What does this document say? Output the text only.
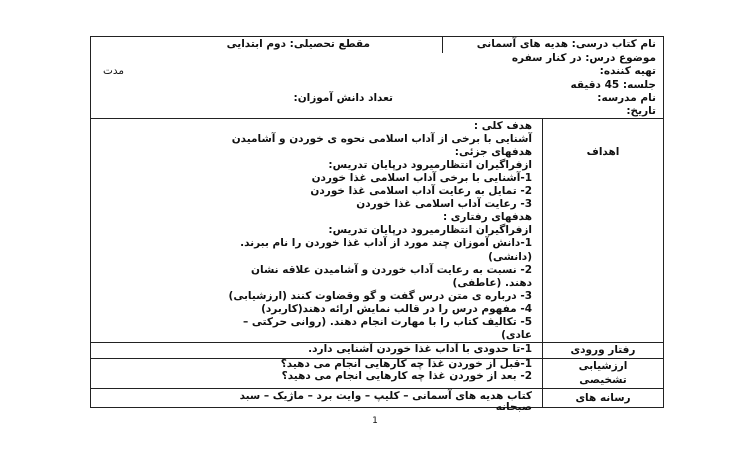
نام کتاب درسی: هدیه های آسمانی
مقطع تحصیلی: دوم ابتدایی
موضوع درس: در کنار سفره
تهیه کننده:
مدت
جلسه: 45 دقیقه
نام مدرسه:
تعداد دانش آموزان:
تاریخ:
اهداف
هدف کلی :
آشنایی با برخی از آداب اسلامی نحوه ی خوردن و آشامیدن
هدفهای جزئی:
ازفراگیران انتظارمیرود درپایان تدریس:
1-آشنایی با برخی آداب اسلامی غذا خوردن
2- تمایل به رعایت آداب اسلامی غذا خوردن
3- رعایت آداب اسلامی غذا خوردن
هدفهای رفتاری :
ازفراگیران انتظارمیرود درپایان تدریس:
1-دانش آموزان چند مورد از آداب غذا خوردن را نام ببرند.
(دانشی)
2- نسبت به رعایت آداب خوردن و آشامیدن علاقه نشان
دهند. (عاطفی)
3- درباره ی متن درس گفت و گو وقضاوت کنند (ارزشیابی)
4- مفهوم درس را در قالب نمایش ارائه دهند(کاربرد)
5- تکالیف کتاب را با مهارت انجام دهند. (روانی حرکتی –
عادی)
رفتار ورودی
1-تا حدودی با آداب غذا خوردن آشنایی دارد.
ارزشیابی
تشخیصی
1-قبل از خوردن غذا چه کارهایی انجام می دهید؟
2- بعد از خوردن غذا چه کارهایی انجام می دهید؟
رسانه های
کتاب هدیه های آسمانی – کلیپ – وایت برد – ماژیک – سبد
صبحانه
1
